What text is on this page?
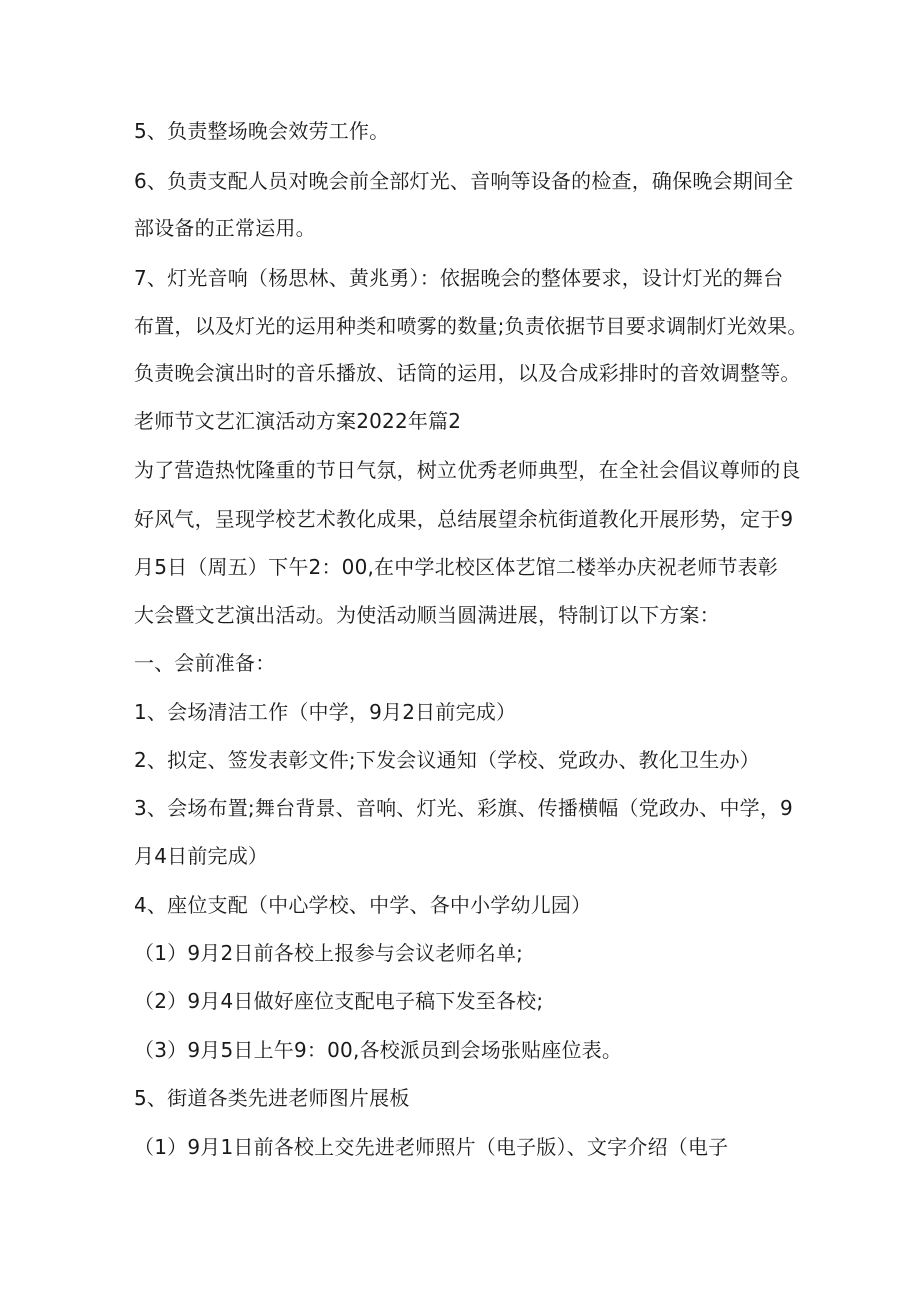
5、负责整场晚会效劳工作。
6、负责支配人员对晚会前全部灯光、音响等设备的检查，确保晚会期间全
部设备的正常运用。
7、灯光音响（杨思林、黄兆勇）：依据晚会的整体要求，设计灯光的舞台
布置，以及灯光的运用种类和喷雾的数量;负责依据节目要求调制灯光效果。
负责晚会演出时的音乐播放、话筒的运用，以及合成彩排时的音效调整等。
老师节文艺汇演活动方案2022年篇2
为了营造热忱隆重的节日气氛，树立优秀老师典型，在全社会倡议尊师的良
好风气，呈现学校艺术教化成果，总结展望余杭街道教化开展形势，定于9
月5日（周五）下午2：00,在中学北校区体艺馆二楼举办庆祝老师节表彰
大会暨文艺演出活动。为使活动顺当圆满进展，特制订以下方案：
一、会前准备：
1、会场清洁工作（中学，9月2日前完成）
2、拟定、签发表彰文件;下发会议通知（学校、党政办、教化卫生办）
3、会场布置;舞台背景、音响、灯光、彩旗、传播横幅（党政办、中学，9
月4日前完成）
4、座位支配（中心学校、中学、各中小学幼儿园）
（1）9月2日前各校上报参与会议老师名单;
（2）9月4日做好座位支配电子稿下发至各校;
（3）9月5日上午9：00,各校派员到会场张贴座位表。
5、街道各类先进老师图片展板
（1）9月1日前各校上交先进老师照片（电子版）、文字介绍（电子
